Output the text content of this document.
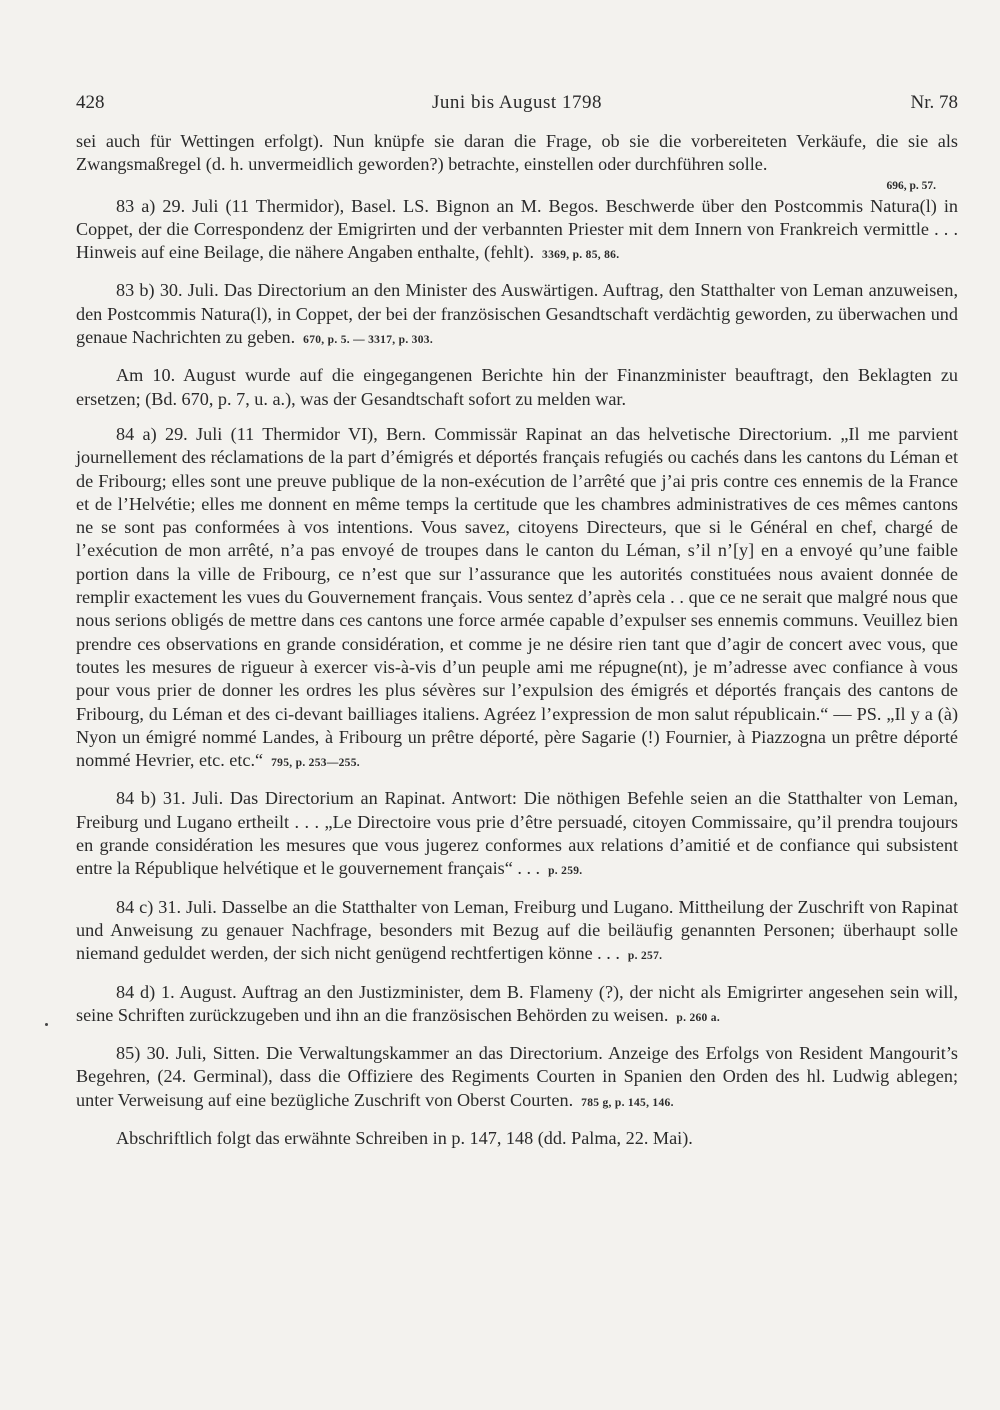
428	Juni bis August 1798	Nr. 78

sei auch für Wettingen erfolgt). Nun knüpfe sie daran die Frage, ob sie die vorbereiteten Verkäufe, die sie als Zwangsmaßregel (d. h. unvermeidlich geworden?) betrachte, einstellen oder durchführen solle.

696, p. 57.

83 a) 29. Juli (11 Thermidor), Basel. LS. Bignon an M. Begos. Beschwerde über den Postcommis Natura(l) in Coppet, der die Correspondenz der Emigrirten und der verbannten Priester mit dem Innern von Frankreich vermittle . . . Hinweis auf eine Beilage, die nähere Angaben enthalte, (fehlt). 3369, p. 85, 86.

83 b) 30. Juli. Das Directorium an den Minister des Auswärtigen. Auftrag, den Statthalter von Leman anzuweisen, den Postcommis Natura(l), in Coppet, der bei der französischen Gesandtschaft verdächtig geworden, zu überwachen und genaue Nachrichten zu geben. 670, p. 5. — 3317, p. 303.

Am 10. August wurde auf die eingegangenen Berichte hin der Finanzminister beauftragt, den Beklagten zu ersetzen; (Bd. 670, p. 7, u. a.), was der Gesandtschaft sofort zu melden war.

84 a) 29. Juli (11 Thermidor VI), Bern. Commissär Rapinat an das helvetische Directorium. „Il me parvient journellement des réclamations de la part d’émigrés et déportés français refugiés ou cachés dans les cantons du Léman et de Fribourg; elles sont une preuve publique de la non-exécution de l’arrêté que j’ai pris contre ces ennemis de la France et de l’Helvétie; elles me donnent en même temps la certitude que les chambres administratives de ces mêmes cantons ne se sont pas conformées à vos intentions. Vous savez, citoyens Directeurs, que si le Général en chef, chargé de l’exécution de mon arrêté, n’a pas envoyé de troupes dans le canton du Léman, s’il n’[y] en a envoyé qu’une faible portion dans la ville de Fribourg, ce n’est que sur l’assurance que les autorités constituées nous avaient donnée de remplir exactement les vues du Gouvernement français. Vous sentez d’après cela . . que ce ne serait que malgré nous que nous serions obligés de mettre dans ces cantons une force armée capable d’expulser ses ennemis communs. Veuillez bien prendre ces observations en grande considération, et comme je ne désire rien tant que d’agir de concert avec vous, que toutes les mesures de rigueur à exercer vis-à-vis d’un peuple ami me répugne(nt), je m’adresse avec confiance à vous pour vous prier de donner les ordres les plus sévères sur l’expulsion des émigrés et déportés français des cantons de Fribourg, du Léman et des ci-devant bailliages italiens. Agréez l’expression de mon salut républicain.“ — PS. „Il y a (à) Nyon un émigré nommé Landes, à Fribourg un prêtre déporté, père Sagarie (!) Fournier, à Piazzogna un prêtre déporté nommé Hevrier, etc. etc.“ 795, p. 253—255.

84 b) 31. Juli. Das Directorium an Rapinat. Antwort: Die nöthigen Befehle seien an die Statthalter von Leman, Freiburg und Lugano ertheilt . . . „Le Directoire vous prie d’être persuadé, citoyen Commissaire, qu’il prendra toujours en grande considération les mesures que vous jugerez conformes aux relations d’amitié et de confiance qui subsistent entre la République helvétique et le gouvernement français“ . . . p. 259.

84 c) 31. Juli. Dasselbe an die Statthalter von Leman, Freiburg und Lugano. Mittheilung der Zuschrift von Rapinat und Anweisung zu genauer Nachfrage, besonders mit Bezug auf die beiläufig genannten Personen; überhaupt solle niemand geduldet werden, der sich nicht genügend rechtfertigen könne . . . p. 257.

84 d) 1. August. Auftrag an den Justizminister, dem B. Flameny (?), der nicht als Emigrirter angesehen sein will, seine Schriften zurückzugeben und ihn an die französischen Behörden zu weisen. p. 260 a.

85) 30. Juli, Sitten. Die Verwaltungskammer an das Directorium. Anzeige des Erfolgs von Resident Mangourit’s Begehren, (24. Germinal), dass die Offiziere des Regiments Courten in Spanien den Orden des hl. Ludwig ablegen; unter Verweisung auf eine bezügliche Zuschrift von Oberst Courten. 785 g, p. 145, 146.

Abschriftlich folgt das erwähnte Schreiben in p. 147, 148 (dd. Palma, 22. Mai).
